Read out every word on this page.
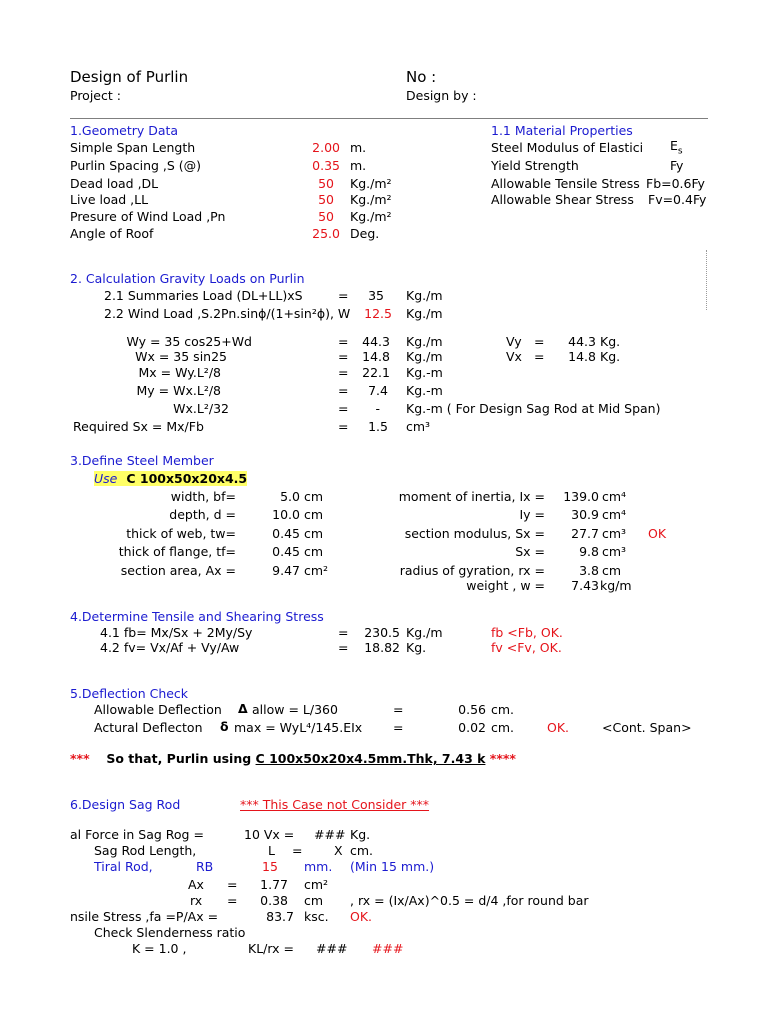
Design of Purlin	No :
Project :	Design by :
1.Geometry Data
Simple Span Length	2.00 m.
Purlin Spacing ,S (@)	0.35 m.
Dead load ,DL	50 Kg./m²
Live load ,LL	50 Kg./m²
Presure of Wind Load ,Pn	50 Kg./m²
Angle of Roof	25.0 Deg.
1.1 Material Properties
Steel Modulus of Elastici $E_s$
Yield Strength	Fy
Allowable Tensile Stress Fb=0.6Fy
Allowable Shear Stress Fv=0.4Fy
2. Calculation Gravity Loads on Purlin
2.1 Summaries Load (DL+LL)xS	=	35 Kg./m
2.2 Wind Load ,S.2Pn.sinϕ/(1+sin²ϕ), W	12.5 Kg./m
Wy = 35 cos25+Wd	=	44.3 Kg./m	Vy =	44.3 Kg.
Wx = 35 sin25	=	14.8 Kg./m	Vx =	14.8 Kg.
Mx = Wy.L²/8	=	22.1 Kg.-m
My = Wx.L²/8	=	7.4 Kg.-m
Wx.L²/32	=	- Kg.-m ( For Design Sag Rod at Mid Span)
Required Sx = Mx/Fb	=	1.5 cm³
3.Define Steel Member
Use C 100x50x20x4.5
width, bf=	5.0 cm
depth, d =	10.0 cm
thick of web, tw=	0.45 cm
thick of flange, tf=	0.45 cm
section area, Ax =	9.47 cm²
moment of inertia, Ix =	139.0 cm⁴
Iy =	30.9 cm⁴
section modulus, Sx =	27.7 cm³ OK
Sx =	9.8 cm³
radius of gyration, rx =	3.8 cm
weight , w =	7.43 kg/m
4.Determine Tensile and Shearing Stress
4.1 fb= Mx/Sx + 2My/Sy	=	230.5 Kg./m	fb <Fb, OK.
4.2 fv= Vx/Af + Vy/Aw	=	18.82 Kg.	fv <Fv, OK.
5.Deflection Check
Allowable Deflection Δ allow = L/360	=	0.56 cm.
Actural Deflecton δ max = WyL⁴/145.EIx =	0.02 cm.	OK.	<Cont. Span>
*** So that, Purlin using C 100x50x20x4.5mm.Thk, 7.43 k ****
6.Design Sag Rod	*** This Case not Consider ***
al Force in Sag Rog =	10 Vx = ### Kg.
Sag Rod Length,	L =	X cm.
Tiral Rod,	RB	15 mm. (Min 15 mm.)
Ax =	1.77 cm²
rx =	0.38 cm , rx = (Ix/Ax)^0.5 = d/4 ,for round bar
nsile Stress ,fa =P/Ax =	83.7 ksc. OK.
Check Slenderness ratio
K = 1.0 ,	KL/rx = ### ###
